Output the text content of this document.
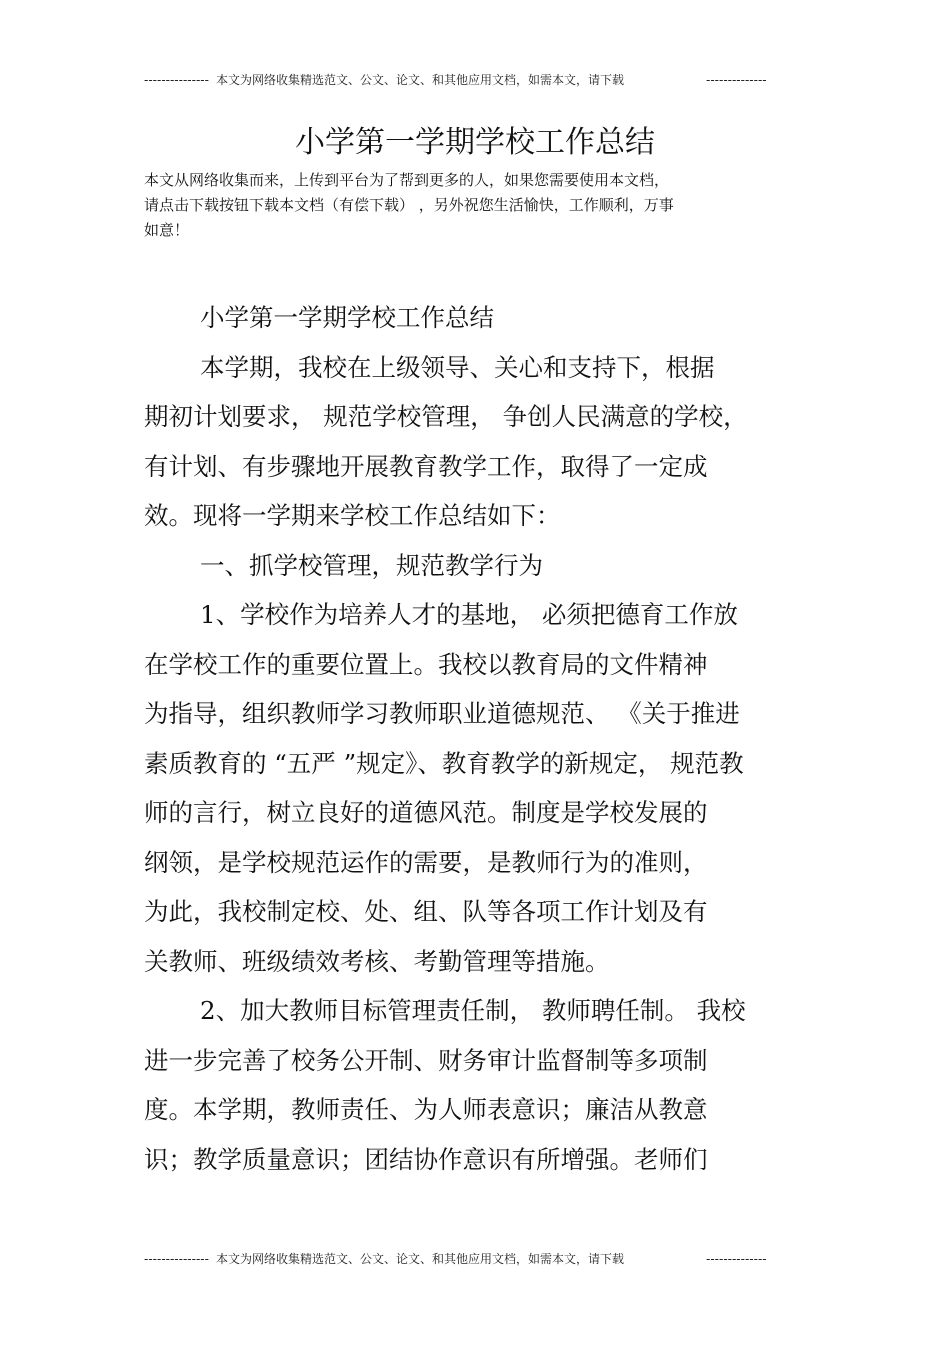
--------------- 本文为网络收集精选范文、公文、论文、和其他应用文档，如需本文，请下载	--------------
小学第一学期学校工作总结
本文从网络收集而来，上传到平台为了帮到更多的人，如果您需要使用本文档，
请点击下载按钮下载本文档（有偿下载） ，另外祝您生活愉快，工作顺利，万事
如意！
小学第一学期学校工作总结
本学期，我校在上级领导、关心和支持下，根据
期初计划要求， 规范学校管理， 争创人民满意的学校，
有计划、有步骤地开展教育教学工作，取得了一定成
效。现将一学期来学校工作总结如下：
一、抓学校管理，规范教学行为
1、学校作为培养人才的基地， 必须把德育工作放
在学校工作的重要位置上。我校以教育局的文件精神
为指导，组织教师学习教师职业道德规范、 《关于推进
素质教育的 “五严 ”规定》、教育教学的新规定， 规范教
师的言行，树立良好的道德风范。制度是学校发展的
纲领，是学校规范运作的需要，是教师行为的准则，
为此，我校制定校、处、组、队等各项工作计划及有
关教师、班级绩效考核、考勤管理等措施。
2、加大教师目标管理责任制， 教师聘任制。 我校
进一步完善了校务公开制、财务审计监督制等多项制
度。本学期，教师责任、为人师表意识；廉洁从教意
识；教学质量意识；团结协作意识有所增强。老师们
--------------- 本文为网络收集精选范文、公文、论文、和其他应用文档，如需本文，请下载	--------------
